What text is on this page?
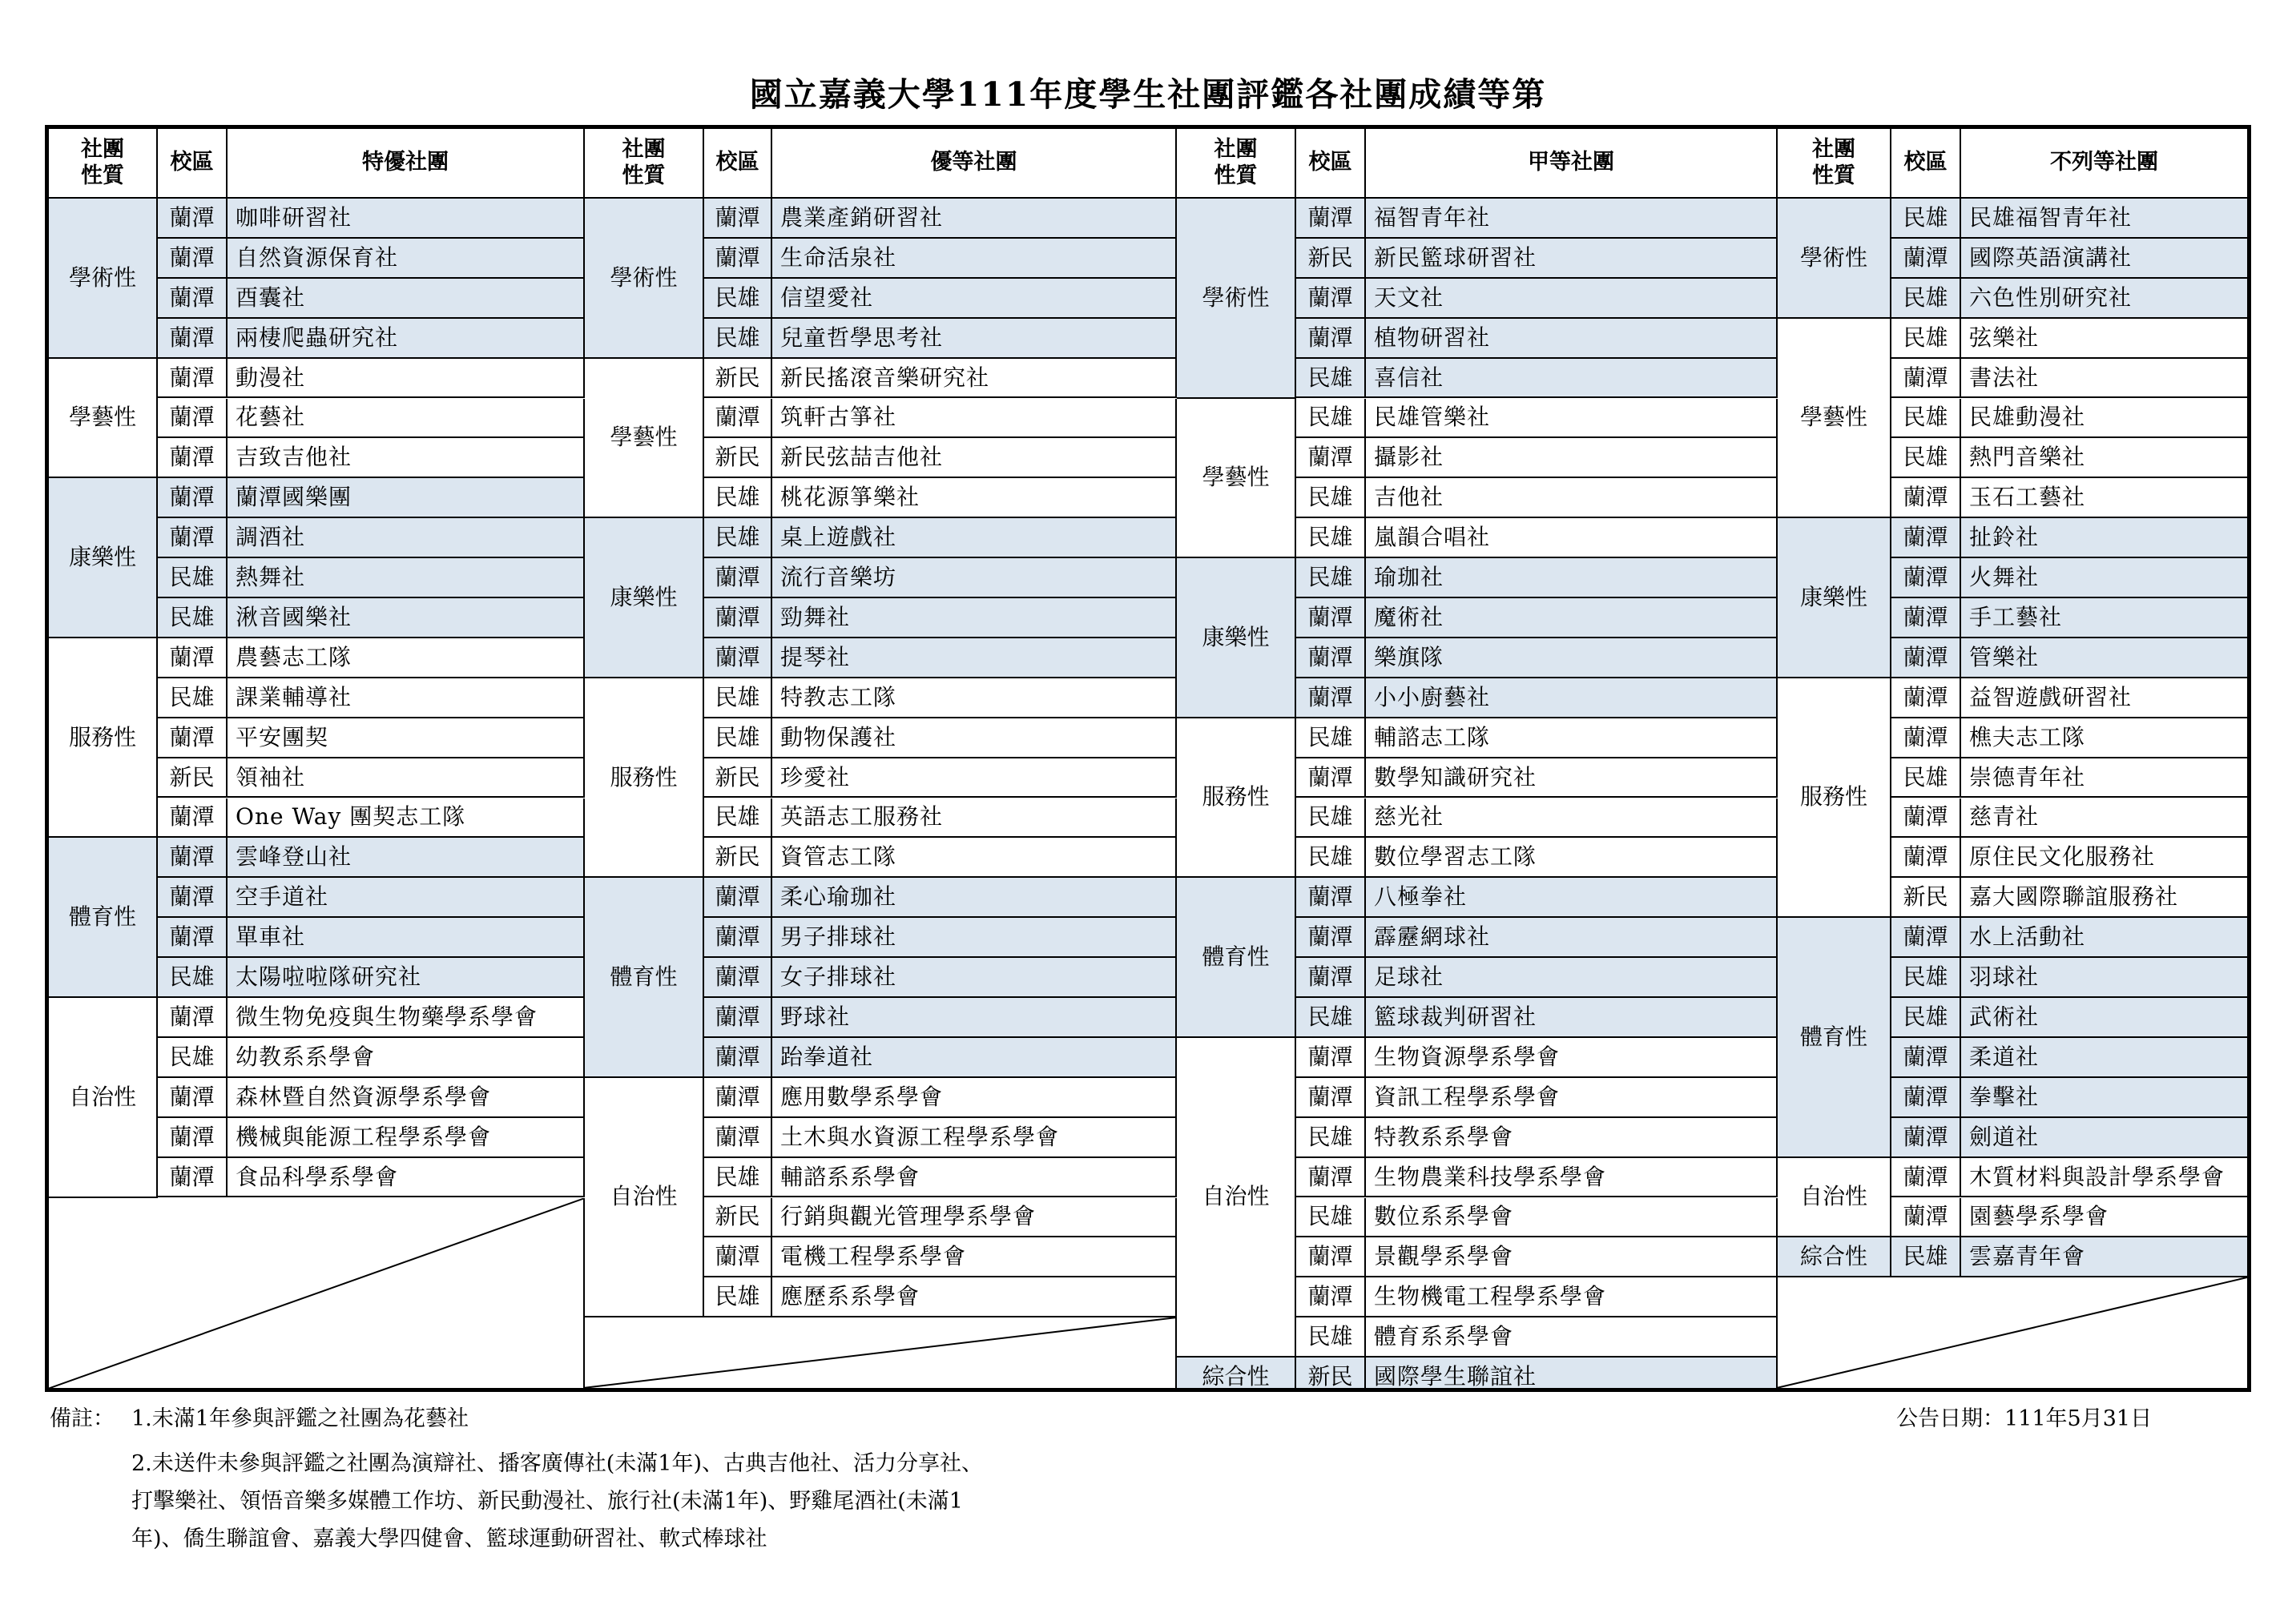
國立嘉義大學111年度學生社團評鑑各社團成績等第
社團
性質
校區	特優社團
學術性
蘭潭 咖啡研習社
蘭潭 自然資源保育社
蘭潭 酉囊社
蘭潭 兩棲爬蟲研究社
學藝性
蘭潭 動漫社
蘭潭 花藝社
蘭潭 吉致吉他社
康樂性
蘭潭 蘭潭國樂團
蘭潭 調酒社
民雄 熱舞社
民雄 湫音國樂社
服務性
蘭潭 農藝志工隊
民雄 課業輔導社
蘭潭 平安團契
新民 領袖社
蘭潭 One Way 團契志工隊
體育性
蘭潭 雲峰登山社
蘭潭 空手道社
蘭潭 單車社
民雄 太陽啦啦隊研究社
自治性
蘭潭 微生物免疫與生物藥學系學會
民雄 幼教系系學會
蘭潭 森林暨自然資源學系學會
蘭潭 機械與能源工程學系學會
蘭潭 食品科學系學會
社團
性質
校區	優等社團
學術性
蘭潭 農業產銷研習社
蘭潭 生命活泉社
民雄 信望愛社
民雄 兒童哲學思考社
學藝性
新民 新民搖滾音樂研究社
蘭潭 筑軒古箏社
新民 新民弦喆吉他社
民雄 桃花源箏樂社
康樂性
民雄 桌上遊戲社
蘭潭 流行音樂坊
蘭潭 勁舞社
蘭潭 提琴社
服務性
民雄 特教志工隊
民雄 動物保護社
新民 珍愛社
民雄 英語志工服務社
新民 資管志工隊
體育性
蘭潭 柔心瑜珈社
蘭潭 男子排球社
蘭潭 女子排球社
蘭潭 野球社
蘭潭 跆拳道社
自治性
蘭潭 應用數學系學會
蘭潭 土木與水資源工程學系學會
民雄 輔諮系系學會
新民 行銷與觀光管理學系學會
蘭潭 電機工程學系學會
民雄 應歷系系學會
社團
性質
校區	甲等社團
學術性
蘭潭 福智青年社
新民 新民籃球研習社
蘭潭 天文社
蘭潭 植物研習社
民雄 喜信社
學藝性
民雄 民雄管樂社
蘭潭 攝影社
民雄 吉他社
民雄 嵐韻合唱社
康樂性
民雄 瑜珈社
蘭潭 魔術社
蘭潭 樂旗隊
蘭潭 小小廚藝社
服務性
民雄 輔諮志工隊
蘭潭 數學知識研究社
民雄 慈光社
民雄 數位學習志工隊
體育性
蘭潭 八極拳社
蘭潭 霹靂網球社
蘭潭 足球社
民雄 籃球裁判研習社
自治性
蘭潭 生物資源學系學會
蘭潭 資訊工程學系學會
民雄 特教系系學會
蘭潭 生物農業科技學系學會
民雄 數位系系學會
蘭潭 景觀學系學會
蘭潭 生物機電工程學系學會
民雄 體育系系學會
綜合性	新民 國際學生聯誼社
社團
性質
校區	不列等社團
學術性
民雄 民雄福智青年社
蘭潭 國際英語演講社
民雄 六色性別研究社
學藝性
民雄 弦樂社
蘭潭 書法社
民雄 民雄動漫社
民雄 熱門音樂社
蘭潭 玉石工藝社
康樂性
蘭潭 扯鈴社
蘭潭 火舞社
蘭潭 手工藝社
蘭潭 管樂社
服務性
蘭潭 益智遊戲研習社
蘭潭 樵夫志工隊
民雄 崇德青年社
蘭潭 慈青社
蘭潭 原住民文化服務社
新民 嘉大國際聯誼服務社
體育性
蘭潭 水上活動社
民雄 羽球社
民雄 武術社
蘭潭 柔道社
蘭潭 拳擊社
蘭潭 劍道社
自治性
蘭潭 木質材料與設計學系學會
蘭潭 園藝學系學會
綜合性	民雄 雲嘉青年會
備註： 1.未滿1年參與評鑑之社團為花藝社	公告日期：111年5月31日
2.未送件未參與評鑑之社團為演辯社、播客廣傳社(未滿1年)、古典吉他社、活力分享社、
打擊樂社、領悟音樂多媒體工作坊、新民動漫社、旅行社(未滿1年)、野雞尾酒社(未滿1
年)、僑生聯誼會、嘉義大學四健會、籃球運動研習社、軟式棒球社
